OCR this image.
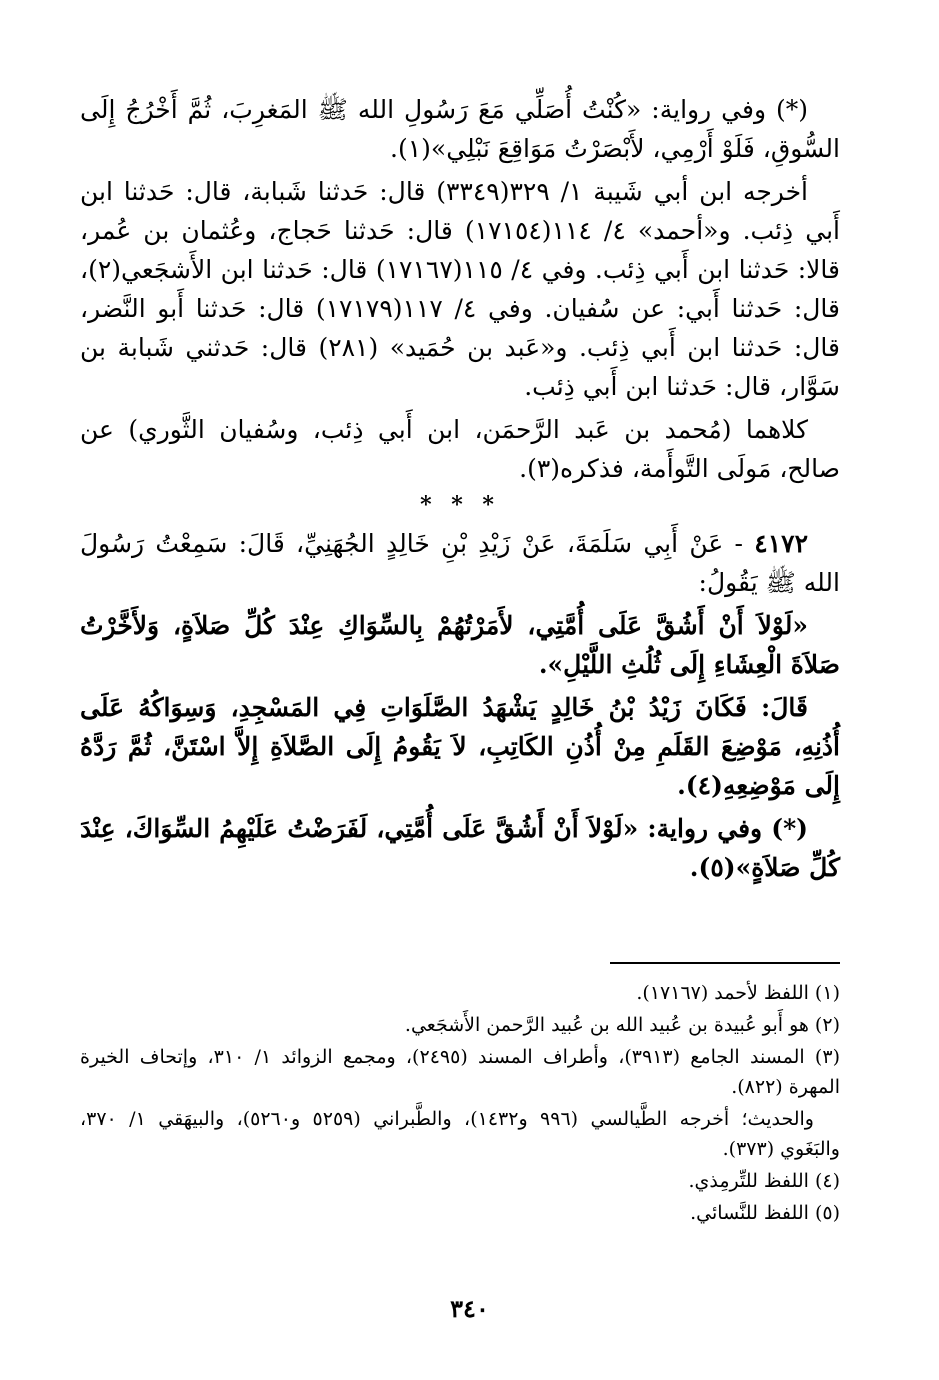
(*) وفي رواية: «كُنْتُ أُصَلِّي مَعَ رَسُولِ الله ﷺ المَغرِبَ، ثُمَّ أَخْرُجُ إِلَى السُّوقِ، فَلَوْ أَرْمِي، لأَبْصَرْتُ مَوَاقِعَ نَبْلِي»(١).

أخرجه ابن أبي شَيبة ١/ ٣٢٩(٣٣٤٩) قال: حَدثنا شَبابة، قال: حَدثنا ابن أَبي ذِئب. و«أحمد» ٤/ ١١٤(١٧١٥٤) قال: حَدثنا حَجاج، وعُثمان بن عُمر، قالا: حَدثنا ابن أَبي ذِئب. وفي ٤/ ١١٥(١٧١٦٧) قال: حَدثنا ابن الأَشجَعي(٢)، قال: حَدثنا أَبي: عن سُفيان. وفي ٤/ ١١٧(١٧١٧٩) قال: حَدثنا أَبو النَّضر، قال: حَدثنا ابن أَبي ذِئب. و«عَبد بن حُمَيد» (٢٨١) قال: حَدثني شَبابة بن سَوَّار، قال: حَدثنا ابن أَبي ذِئب.

كلاهما (مُحمد بن عَبد الرَّحمَن، ابن أَبي ذِئب، وسُفيان الثَّوري) عن صالح، مَولَى التَّوأَمة، فذكره(٣).

* * *

٤١٧٢ - عَنْ أَبِي سَلَمَةَ، عَنْ زَيْدِ بْنِ خَالِدٍ الجُهَنِيِّ، قَالَ: سَمِعْتُ رَسُولَ الله ﷺ يَقُولُ:

«لَوْلاَ أَنْ أَشُقَّ عَلَى أُمَّتِي، لأَمَرْتُهُمْ بِالسِّوَاكِ عِنْدَ كُلِّ صَلاَةٍ، وَلأَخَّرْتُ صَلاَةَ الْعِشَاءِ إِلَى ثُلُثِ اللَّيْلِ».

قَالَ: فَكَانَ زَيْدُ بْنُ خَالِدٍ يَشْهَدُ الصَّلَوَاتِ فِي المَسْجِدِ، وَسِوَاكُهُ عَلَى أُذُنِهِ، مَوْضِعَ القَلَمِ مِنْ أُذُنِ الكَاتِبِ، لاَ يَقُومُ إِلَى الصَّلاَةِ إِلاَّ اسْتَنَّ، ثُمَّ رَدَّهُ إِلَى مَوْضِعِهِ(٤).

(*) وفي رواية: «لَوْلاَ أَنْ أَشُقَّ عَلَى أُمَّتِي، لَفَرَضْتُ عَلَيْهِمُ السِّوَاكَ، عِنْدَ كُلِّ صَلاَةٍ»(٥).

(١) اللفظ لأحمد (١٧١٦٧).

(٢) هو أَبو عُبيدة بن عُبيد الله بن عُبيد الرَّحمن الأَشجَعي.

(٣) المسند الجامع (٣٩١٣)، وأطراف المسند (٢٤٩٥)، ومجمع الزوائد ١/ ٣١٠، وإتحاف الخيرة المهرة (٨٢٢).

والحديث؛ أخرجه الطَّيالسي (٩٩٦ و١٤٣٢)، والطَّبراني (٥٢٥٩ و٥٢٦٠)، والبيهَقي ١/ ٣٧٠، والبَغَوي (٣٧٣).

(٤) اللفظ للتِّرمِذي.

(٥) اللفظ للنَّسائي.

٣٤٠
